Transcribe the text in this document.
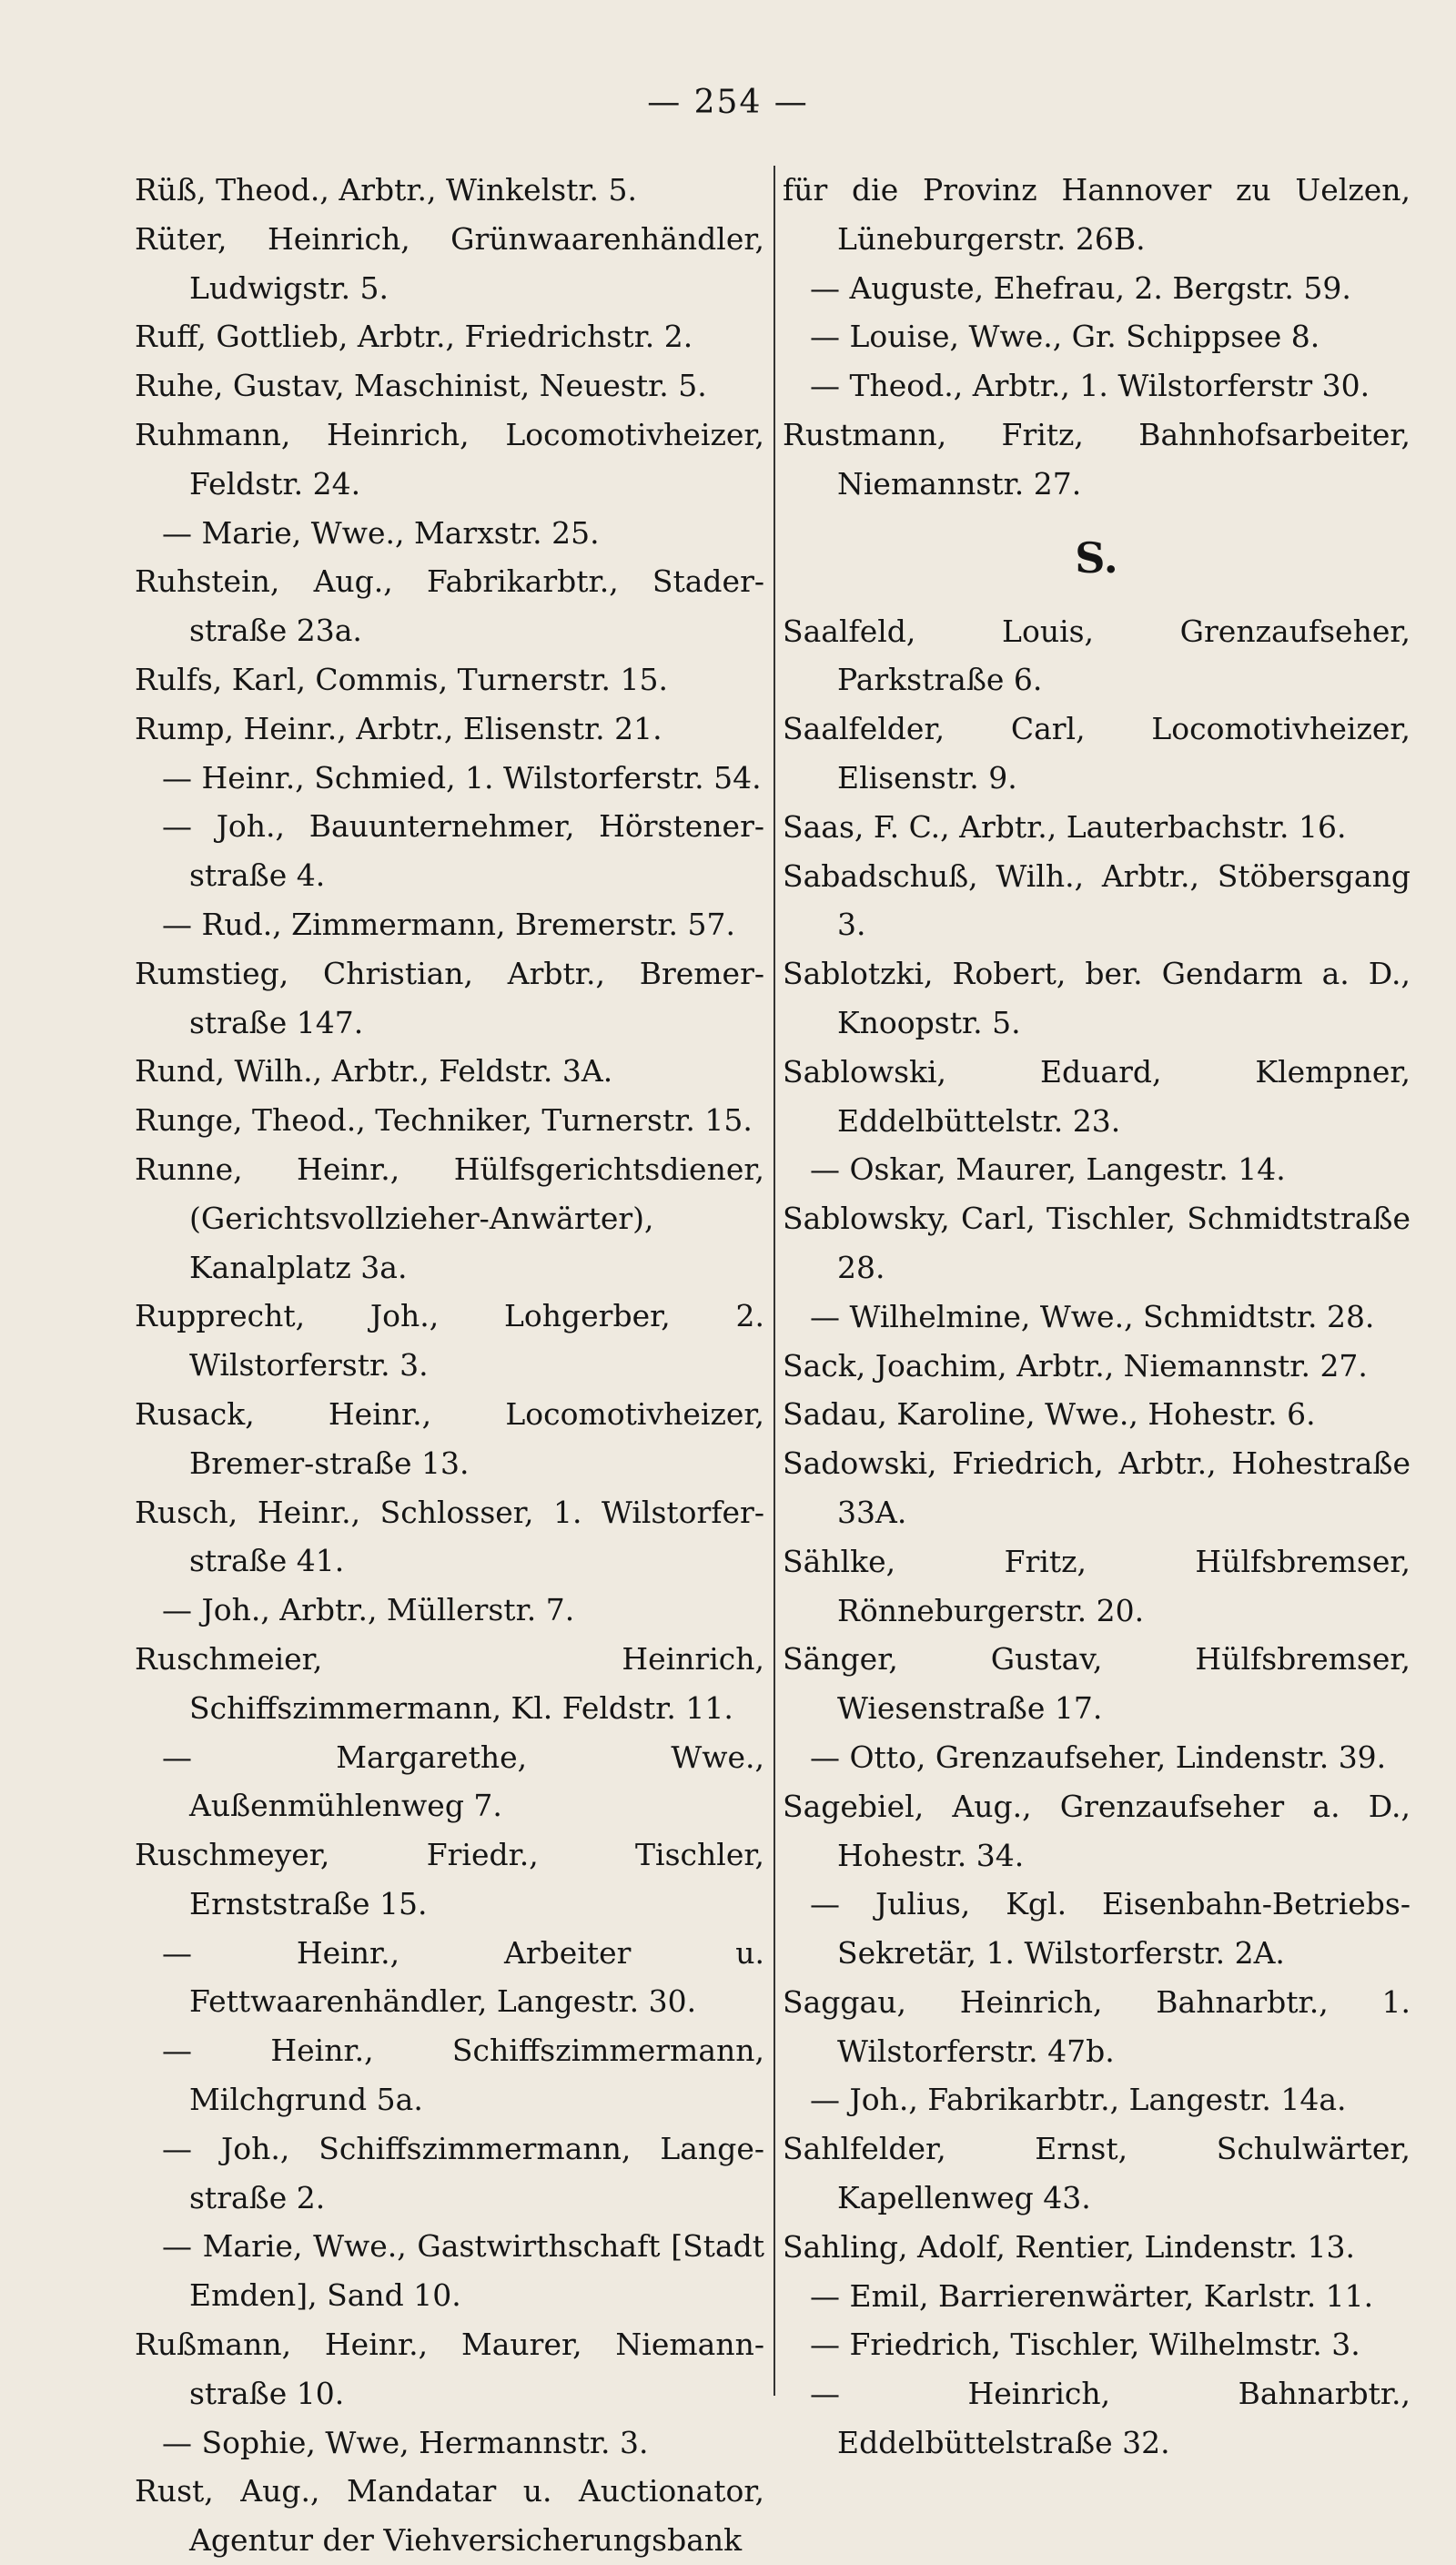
— 254 —
Rüß, Theod., Arbtr., Winkelstr. 5.
Rüter, Heinrich, Grünwaarenhändler, Ludwigstr. 5.
Ruff, Gottlieb, Arbtr., Friedrichstr. 2.
Ruhe, Gustav, Maschinist, Neuestr. 5.
Ruhmann, Heinrich, Locomotivheizer, Feldstr. 24.
— Marie, Wwe., Marxstr. 25.
Ruhstein, Aug., Fabrikarbtr., Stader-straße 23a.
Rulfs, Karl, Commis, Turnerstr. 15.
Rump, Heinr., Arbtr., Elisenstr. 21.
— Heinr., Schmied, 1. Wilstorferstr. 54.
— Joh., Bauunternehmer, Hörstener-straße 4.
— Rud., Zimmermann, Bremerstr. 57.
Rumstieg, Christian, Arbtr., Bremer-straße 147.
Rund, Wilh., Arbtr., Feldstr. 3A.
Runge, Theod., Techniker, Turnerstr. 15.
Runne, Heinr., Hülfsgerichtsdiener, (Gerichtsvollzieher-Anwärter), Kanalplatz 3a.
Rupprecht, Joh., Lohgerber, 2. Wilstorferstr. 3.
Rusack, Heinr., Locomotivheizer, Bremer-straße 13.
Rusch, Heinr., Schlosser, 1. Wilstorfer-straße 41.
— Joh., Arbtr., Müllerstr. 7.
Ruschmeier, Heinrich, Schiffszimmermann, Kl. Feldstr. 11.
— Margarethe, Wwe., Außenmühlenweg 7.
Ruschmeyer, Friedr., Tischler, Ernststraße 15.
— Heinr., Arbeiter u. Fettwaarenhändler, Langestr. 30.
— Heinr., Schiffszimmermann, Milchgrund 5a.
— Joh., Schiffszimmermann, Lange-straße 2.
— Marie, Wwe., Gastwirthschaft [Stadt Emden], Sand 10.
Rußmann, Heinr., Maurer, Niemann-straße 10.
— Sophie, Wwe, Hermannstr. 3.
Rust, Aug., Mandatar u. Auctionator, Agentur der Viehversicherungsbank
für die Provinz Hannover zu Uelzen, Lüneburgerstr. 26B.
— Auguste, Ehefrau, 2. Bergstr. 59.
— Louise, Wwe., Gr. Schippsee 8.
— Theod., Arbtr., 1. Wilstorferstr 30.
Rustmann, Fritz, Bahnhofsarbeiter, Niemannstr. 27.
S.
Saalfeld, Louis, Grenzaufseher, Parkstraße 6.
Saalfelder, Carl, Locomotivheizer, Elisenstr. 9.
Saas, F. C., Arbtr., Lauterbachstr. 16.
Sabadschuß, Wilh., Arbtr., Stöbersgang 3.
Sablotzki, Robert, ber. Gendarm a. D., Knoopstr. 5.
Sablowski, Eduard, Klempner, Eddelbüttelstr. 23.
— Oskar, Maurer, Langestr. 14.
Sablowsky, Carl, Tischler, Schmidtstraße 28.
— Wilhelmine, Wwe., Schmidtstr. 28.
Sack, Joachim, Arbtr., Niemannstr. 27.
Sadau, Karoline, Wwe., Hohestr. 6.
Sadowski, Friedrich, Arbtr., Hohestraße 33A.
Sählke, Fritz, Hülfsbremser, Rönneburgerstr. 20.
Sänger, Gustav, Hülfsbremser, Wiesenstraße 17.
— Otto, Grenzaufseher, Lindenstr. 39.
Sagebiel, Aug., Grenzaufseher a. D., Hohestr. 34.
— Julius, Kgl. Eisenbahn-Betriebs-Sekretär, 1. Wilstorferstr. 2A.
Saggau, Heinrich, Bahnarbtr., 1. Wilstorferstr. 47b.
— Joh., Fabrikarbtr., Langestr. 14a.
Sahlfelder, Ernst, Schulwärter, Kapellenweg 43.
Sahling, Adolf, Rentier, Lindenstr. 13.
— Emil, Barrierenwärter, Karlstr. 11.
— Friedrich, Tischler, Wilhelmstr. 3.
— Heinrich, Bahnarbtr., Eddelbüttelstraße 32.
